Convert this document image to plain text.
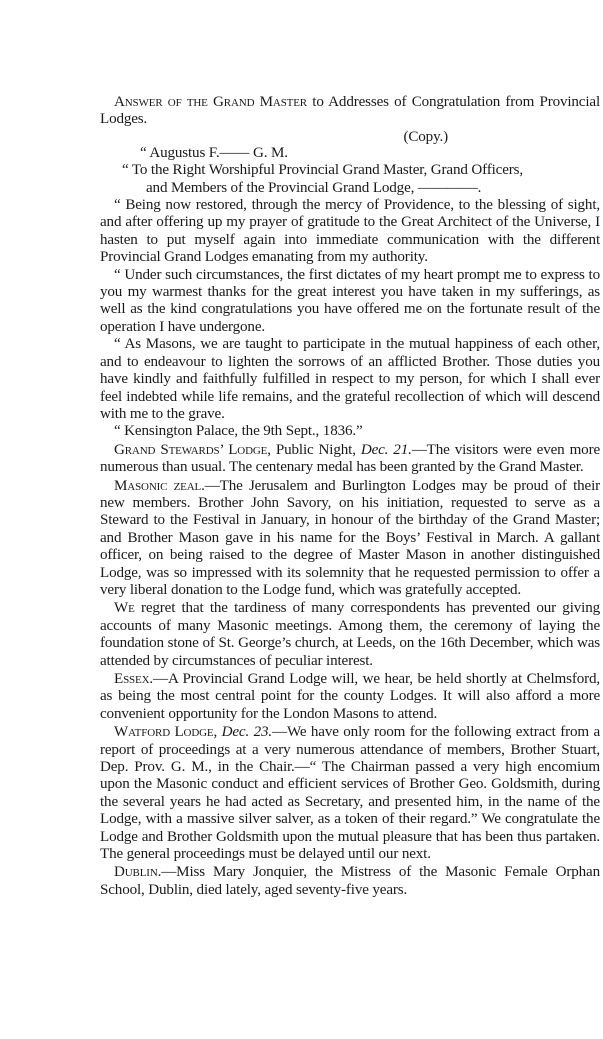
Answer of the Grand Master to Addresses of Congratulation from Provincial Lodges.

(Copy.)

“ Augustus F.—— G. M.

“ To the Right Worshipful Provincial Grand Master, Grand Officers,

and Members of the Provincial Grand Lodge, ————.

“ Being now restored, through the mercy of Providence, to the blessing of sight, and after offering up my prayer of gratitude to the Great Architect of the Universe, I hasten to put myself again into immediate communication with the different Provincial Grand Lodges emanating from my authority.

“ Under such circumstances, the first dictates of my heart prompt me to express to you my warmest thanks for the great interest you have taken in my sufferings, as well as the kind congratulations you have offered me on the fortunate result of the operation I have undergone.

“ As Masons, we are taught to participate in the mutual happiness of each other, and to endeavour to lighten the sorrows of an afflicted Brother. Those duties you have kindly and faithfully fulfilled in respect to my person, for which I shall ever feel indebted while life remains, and the grateful recollection of which will descend with me to the grave.

“ Kensington Palace, the 9th Sept., 1836.”

Grand Stewards’ Lodge, Public Night, Dec. 21.—The visitors were even more numerous than usual. The centenary medal has been granted by the Grand Master.

Masonic zeal.—The Jerusalem and Burlington Lodges may be proud of their new members. Brother John Savory, on his initiation, requested to serve as a Steward to the Festival in January, in honour of the birthday of the Grand Master; and Brother Mason gave in his name for the Boys’ Festival in March. A gallant officer, on being raised to the degree of Master Mason in another distinguished Lodge, was so impressed with its solemnity that he requested permission to offer a very liberal donation to the Lodge fund, which was gratefully accepted.

We regret that the tardiness of many correspondents has prevented our giving accounts of many Masonic meetings. Among them, the ceremony of laying the foundation stone of St. George’s church, at Leeds, on the 16th December, which was attended by circumstances of peculiar interest.

Essex.—A Provincial Grand Lodge will, we hear, be held shortly at Chelmsford, as being the most central point for the county Lodges. It will also afford a more convenient opportunity for the London Masons to attend.

Watford Lodge, Dec. 23.—We have only room for the following extract from a report of proceedings at a very numerous attendance of members, Brother Stuart, Dep. Prov. G. M., in the Chair.—“ The Chairman passed a very high encomium upon the Masonic conduct and efficient services of Brother Geo. Goldsmith, during the several years he had acted as Secretary, and presented him, in the name of the Lodge, with a massive silver salver, as a token of their regard.” We congratulate the Lodge and Brother Goldsmith upon the mutual pleasure that has been thus partaken. The general proceedings must be delayed until our next.

Dublin.—Miss Mary Jonquier, the Mistress of the Masonic Female Orphan School, Dublin, died lately, aged seventy-five years.
